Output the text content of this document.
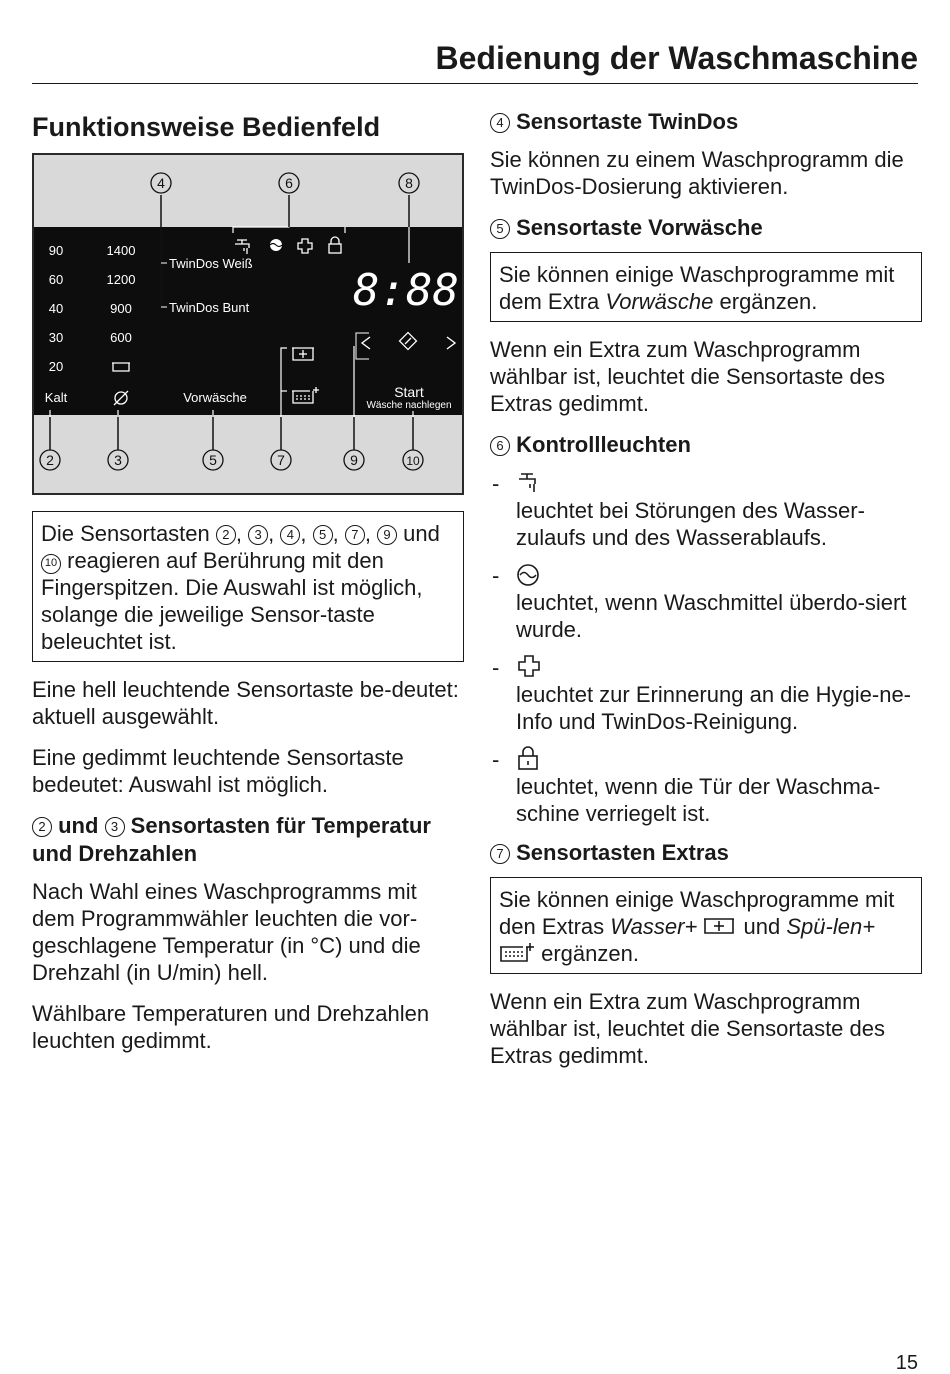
Bedienung der Waschmaschine
Funktionsweise Bedienfeld
4	6	8
90
60
40
30
20
Kalt
1400
1200
900
600
TwinDos Weiß
TwinDos Bunt
Vorwäsche
8:88
Start
Wäsche nachlegen
2	3	5	7	9	10
Die Sensortasten 2 , 3 , 4 , 5 , 7 , 9 und 10 reagieren auf Berührung mit den Fingerspitzen. Die Auswahl ist möglich, solange die jeweilige Sensor-taste beleuchtet ist.

Eine hell leuchtende Sensortaste be-deutet: aktuell ausgewählt.

Eine gedimmt leuchtende Sensortaste bedeutet: Auswahl ist möglich.

2 und 3 Sensortasten für Temperatur und Drehzahlen

Nach Wahl eines Waschprogramms mit dem Programmwähler leuchten die vor-geschlagene Temperatur (in °C) und die Drehzahl (in U/min) hell.

Wählbare Temperaturen und Drehzahlen leuchten gedimmt.

4 Sensortaste TwinDos

Sie können zu einem Waschprogramm die TwinDos-Dosierung aktivieren.

5 Sensortaste Vorwäsche
Sie können einige Waschprogramme mit dem Extra Vorwäsche ergänzen.

Wenn ein Extra zum Waschprogramm wählbar ist, leuchtet die Sensortaste des Extras gedimmt.

6 Kontrollleuchten
-
leuchtet bei Störungen des Wasser-zulaufs und des Wasserablaufs.
-
leuchtet, wenn Waschmittel überdo-siert wurde.
-
leuchtet zur Erinnerung an die Hygie-ne-Info und TwinDos-Reinigung.
-
leuchtet, wenn die Tür der Waschma-schine verriegelt ist.
7 Sensortasten Extras
Sie können einige Waschprogramme mit den Extras Wasser+  und Spü-len+  ergänzen.

Wenn ein Extra zum Waschprogramm wählbar ist, leuchtet die Sensortaste des Extras gedimmt.

15
